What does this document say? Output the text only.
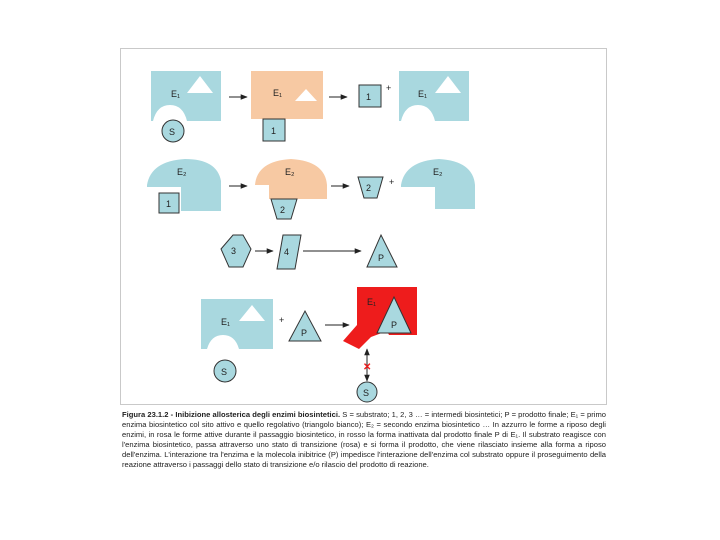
E₁
S
E₁
1
1
+
E₁
E₂
1
E₂
2
2
+
E₂
3	4
P
E₁
S
+
P
P
E₁
✕
S
Figura 23.1.2 - Inibizione allosterica degli enzimi biosintetici. S = substrato; 1, 2, 3 … = intermedi biosintetici; P = prodotto finale; E₁ = primo enzima biosintetico col sito attivo e quello regolativo (triangolo bianco); E₂ = secondo enzima biosintetico … In azzurro le forme a riposo degli enzimi, in rosa le forme attive durante il passaggio biosintetico, in rosso la forma inattivata dal prodotto finale P di E₁. Il substrato reagisce con l'enzima biosintetico, passa attraverso uno stato di transizione (rosa) e si forma il prodotto, che viene rilasciato insieme alla forma a riposo dell'enzima. L'interazione tra l'enzima e la molecola inibitrice (P) impedisce l'interazione dell'enzima col substrato oppure il proseguimento della reazione attraverso i passaggi dello stato di transizione e/o rilascio del prodotto di reazione.
